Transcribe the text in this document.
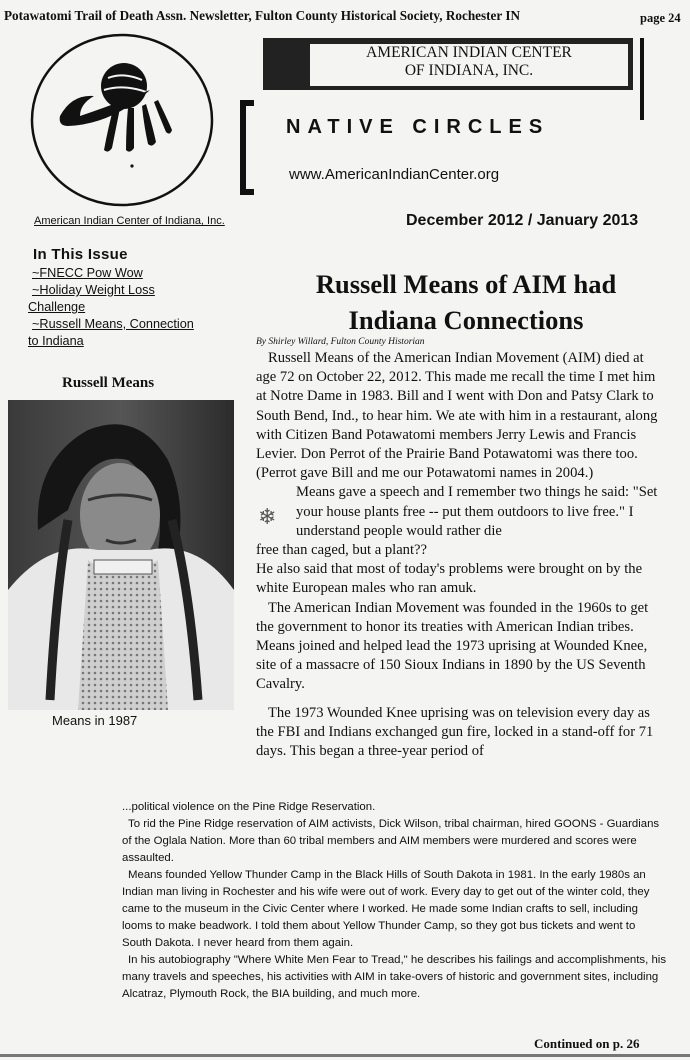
Potawatomi Trail of Death Assn. Newsletter, Fulton County Historical Society, Rochester IN	page 24
American Indian Center of Indiana, Inc.
AMERICAN INDIAN CENTER
OF INDIANA, INC.
NATIVE CIRCLES
www.AmericanIndianCenter.org
December 2012 / January 2013
In This Issue
~FNECC Pow Wow
~Holiday Weight Loss
Challenge
~Russell Means, Connection
to Indiana
Russell Means
Means in 1987
Russell Means of AIM had
Indiana Connections
By Shirley Willard, Fulton County Historian

Russell Means of the American Indian Movement (AIM) died at age 72 on October 22, 2012. This made me recall the time I met him at Notre Dame in 1983. Bill and I went with Don and Patsy Clark to South Bend, Ind., to hear him. We ate with him in a restaurant, along with Citizen Band Potawatomi members Jerry Lewis and Francis Levier. Don Perrot of the Prairie Band Potawatomi was there too. (Perrot gave Bill and me our Potawatomi names in 2004.)

Means gave a speech and I remember two things he said: "Set your house plants free -- put them outdoors to live free." I understand people would rather die

free than caged, but a plant??

He also said that most of today's problems were brought on by the white European males who ran amuk.

The American Indian Movement was founded in the 1960s to get the government to honor its treaties with American Indian tribes. Means joined and helped lead the 1973 uprising at Wounded Knee, site of a massacre of 150 Sioux Indians in 1890 by the US Seventh Cavalry.

The 1973 Wounded Knee uprising was on television every day as the FBI and Indians exchanged gun fire, locked in a stand-off for 71 days. This began a three-year period of

❄

...political violence on the Pine Ridge Reservation.

To rid the Pine Ridge reservation of AIM activists, Dick Wilson, tribal chairman, hired GOONS - Guardians of the Oglala Nation. More than 60 tribal members and AIM members were murdered and scores were assaulted.

Means founded Yellow Thunder Camp in the Black Hills of South Dakota in 1981. In the early 1980s an Indian man living in Rochester and his wife were out of work. Every day to get out of the winter cold, they came to the museum in the Civic Center where I worked. He made some Indian crafts to sell, including looms to make beadwork. I told them about Yellow Thunder Camp, so they got bus tickets and went to South Dakota. I never heard from them again.

In his autobiography "Where White Men Fear to Tread," he describes his failings and accomplishments, his many travels and speeches, his activities with AIM in take-overs of historic and government sites, including Alcatraz, Plymouth Rock, the BIA building, and much more.

Continued on p. 26
